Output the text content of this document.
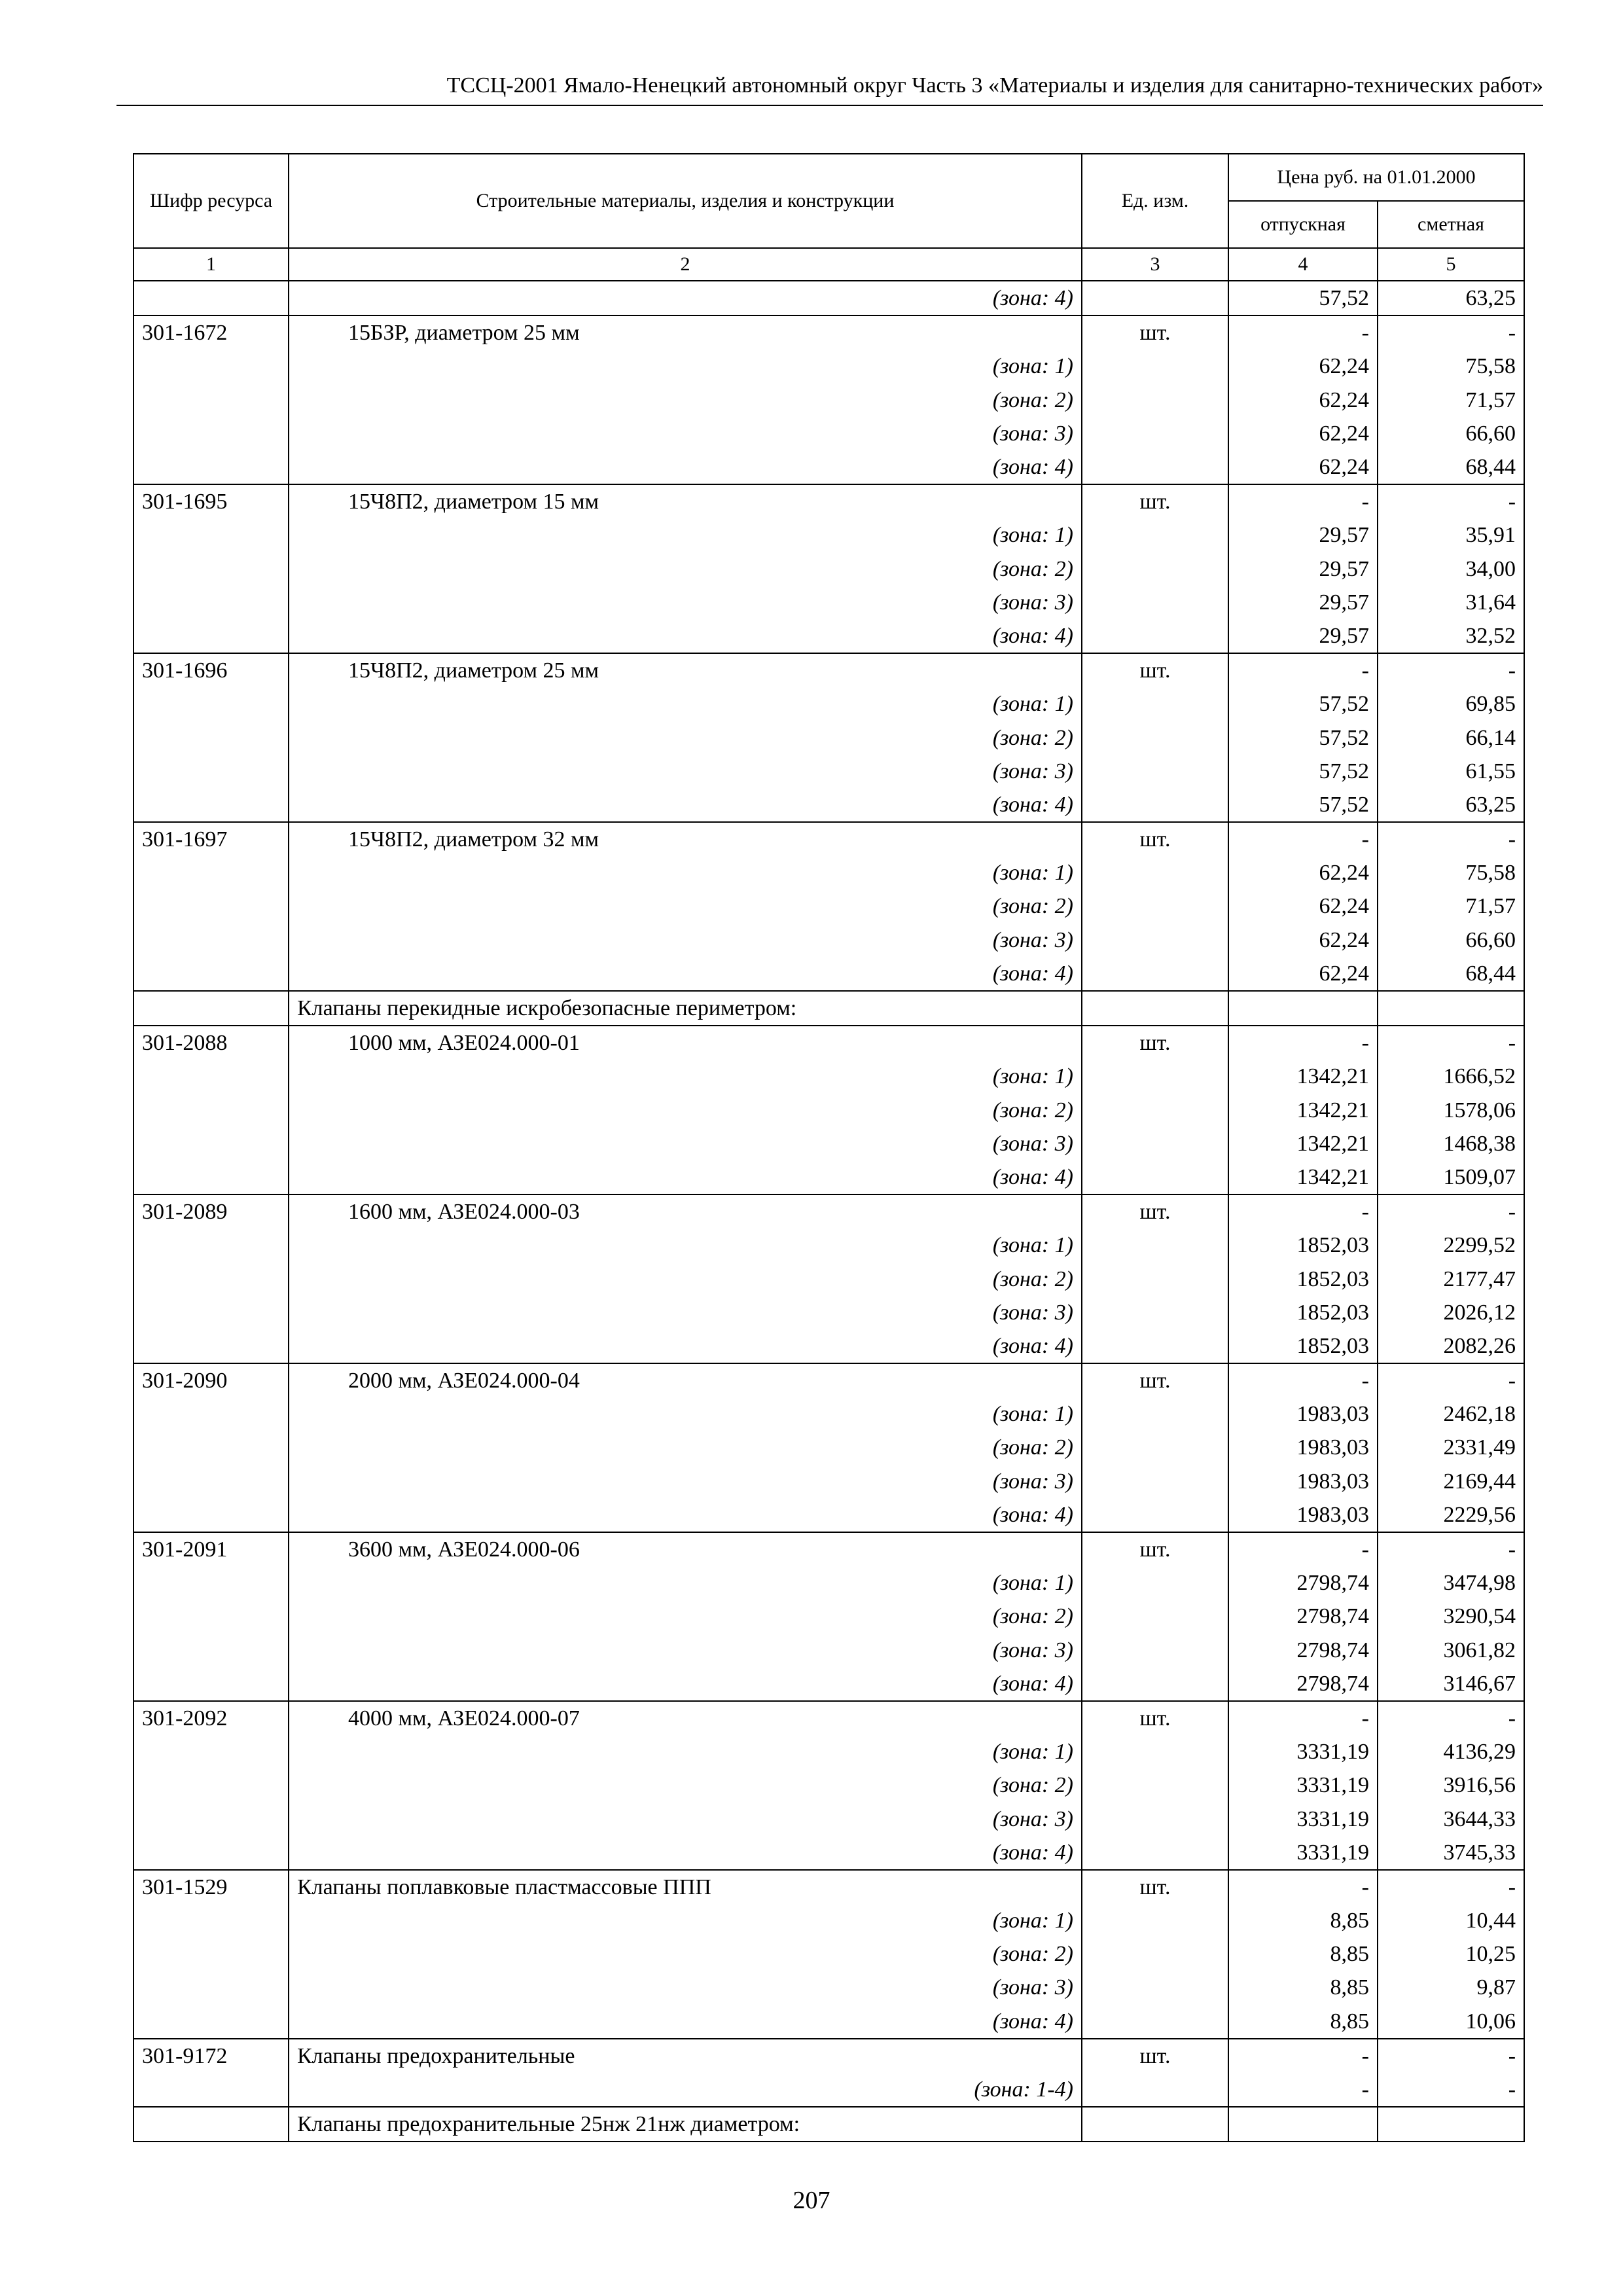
ТССЦ-2001 Ямало-Ненецкий автономный округ Часть 3 «Материалы и изделия для санитарно-технических работ»
Шифр ресурса	Строительные материалы, изделия и конструкции	Ед. изм.	Цена руб. на 01.01.2000	
			отпускная	сметная
1	2	3	4	5
	(зона: 4)		57,52	63,25
301-1672	15БЗР, диаметром 25 мм	шт.	-	-
	(зона: 1)		62,24	75,58
	(зона: 2)		62,24	71,57
	(зона: 3)		62,24	66,60
	(зона: 4)		62,24	68,44
301-1695	15Ч8П2, диаметром 15 мм	шт.	-	-
	(зона: 1)		29,57	35,91
	(зона: 2)		29,57	34,00
	(зона: 3)		29,57	31,64
	(зона: 4)		29,57	32,52
301-1696	15Ч8П2, диаметром 25 мм	шт.	-	-
	(зона: 1)		57,52	69,85
	(зона: 2)		57,52	66,14
	(зона: 3)		57,52	61,55
	(зона: 4)		57,52	63,25
301-1697	15Ч8П2, диаметром 32 мм	шт.	-	-
	(зона: 1)		62,24	75,58
	(зона: 2)		62,24	71,57
	(зона: 3)		62,24	66,60
	(зона: 4)		62,24	68,44
	Клапаны перекидные искробезопасные периметром:			
301-2088	1000 мм, АЗЕ024.000-01	шт.	-	-
	(зона: 1)		1342,21	1666,52
	(зона: 2)		1342,21	1578,06
	(зона: 3)		1342,21	1468,38
	(зона: 4)		1342,21	1509,07
301-2089	1600 мм, АЗЕ024.000-03	шт.	-	-
	(зона: 1)		1852,03	2299,52
	(зона: 2)		1852,03	2177,47
	(зона: 3)		1852,03	2026,12
	(зона: 4)		1852,03	2082,26
301-2090	2000 мм, АЗЕ024.000-04	шт.	-	-
	(зона: 1)		1983,03	2462,18
	(зона: 2)		1983,03	2331,49
	(зона: 3)		1983,03	2169,44
	(зона: 4)		1983,03	2229,56
301-2091	3600 мм, АЗЕ024.000-06	шт.	-	-
	(зона: 1)		2798,74	3474,98
	(зона: 2)		2798,74	3290,54
	(зона: 3)		2798,74	3061,82
	(зона: 4)		2798,74	3146,67
301-2092	4000 мм, АЗЕ024.000-07	шт.	-	-
	(зона: 1)		3331,19	4136,29
	(зона: 2)		3331,19	3916,56
	(зона: 3)		3331,19	3644,33
	(зона: 4)		3331,19	3745,33
301-1529	Клапаны поплавковые пластмассовые ППП	шт.	-	-
	(зона: 1)		8,85	10,44
	(зона: 2)		8,85	10,25
	(зона: 3)		8,85	9,87
	(зона: 4)		8,85	10,06
301-9172	Клапаны предохранительные	шт.	-	-
	(зона: 1-4)		-	-
	Клапаны предохранительные 25нж 21нж диаметром:			
207
